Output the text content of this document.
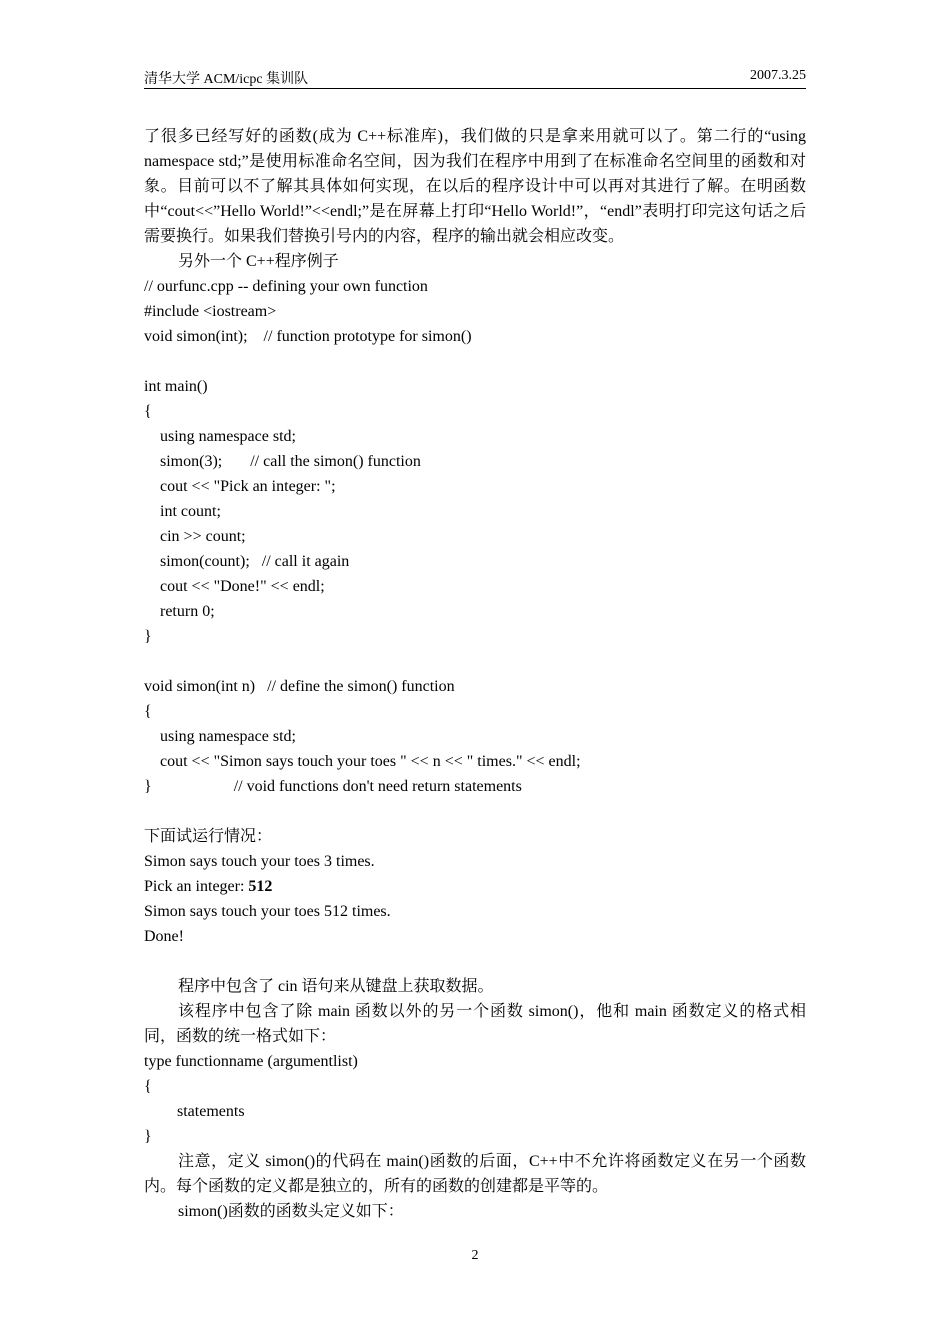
清华大学 ACM/icpc 集训队	2007.3.25

了很多已经写好的函数(成为 C++标准库)，我们做的只是拿来用就可以了。第二行的“using namespace std;”是使用标准命名空间，因为我们在程序中用到了在标准命名空间里的函数和对象。目前可以不了解其具体如何实现，在以后的程序设计中可以再对其进行了解。在明函数中“cout<<”Hello World!”<<endl;”是在屏幕上打印“Hello World!”，“endl”表明打印完这句话之后需要换行。如果我们替换引号内的内容，程序的输出就会相应改变。

另外一个 C++程序例子

// ourfunc.cpp -- defining your own function

#include <iostream>

void simon(int);    // function prototype for simon()

int main()

{

using namespace std;

simon(3);       // call the simon() function

cout << "Pick an integer: ";

int count;

cin >> count;

simon(count);   // call it again

cout << "Done!" << endl;

return 0;

}

void simon(int n)   // define the simon() function

{

using namespace std;

cout << "Simon says touch your toes " << n << " times." << endl;

}	// void functions don't need return statements

下面试运行情况：

Simon says touch your toes 3 times.

Pick an integer: 512

Simon says touch your toes 512 times.

Done!

程序中包含了 cin 语句来从键盘上获取数据。

该程序中包含了除 main 函数以外的另一个函数 simon()，他和 main 函数定义的格式相同，函数的统一格式如下：

type functionname (argumentlist)

{

statements

}

注意，定义 simon()的代码在 main()函数的后面，C++中不允许将函数定义在另一个函数内。每个函数的定义都是独立的，所有的函数的创建都是平等的。

simon()函数的函数头定义如下：

2
